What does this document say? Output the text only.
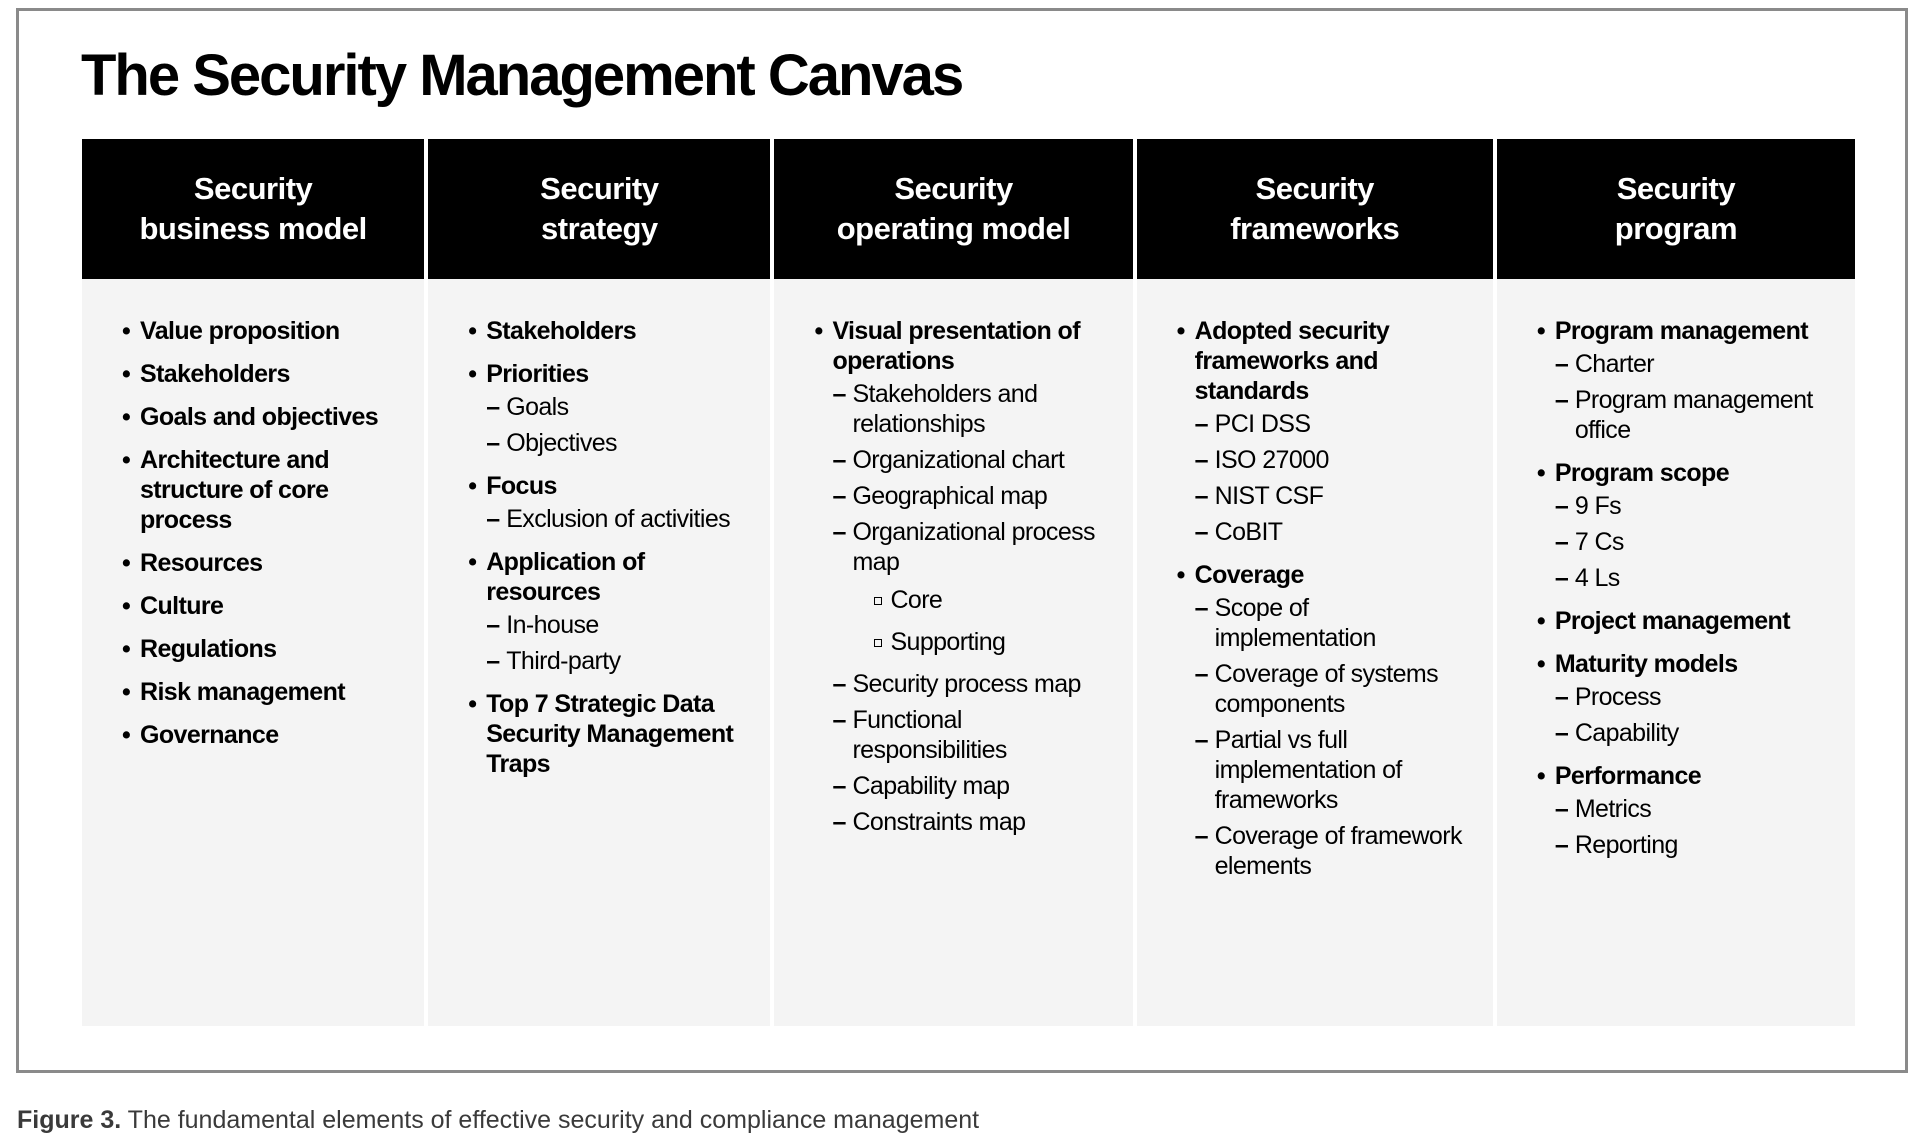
The Security Management Canvas
Security
business model
• Value proposition
• Stakeholders
• Goals and objectives
• Architecture and structure of core process
• Resources
• Culture
• Regulations
• Risk management
• Governance
Security
strategy
• Stakeholders
• Priorities
– Goals
– Objectives
• Focus
– Exclusion of activities
• Application of resources
– In-house
– Third-party
• Top 7 Strategic Data Security Management Traps
Security
operating model
• Visual presentation of operations
– Stakeholders and relationships
– Organizational chart
– Geographical map
– Organizational process map
Core
Supporting
– Security process map
– Functional responsibilities
– Capability map
– Constraints map
Security
frameworks
• Adopted security frameworks and standards
– PCI DSS
– ISO 27000
– NIST CSF
– CoBIT
• Coverage
– Scope of implementation
– Coverage of systems components
– Partial vs full implementation of frameworks
– Coverage of framework elements
Security
program
• Program management
– Charter
– Program management office
• Program scope
– 9 Fs
– 7 Cs
– 4 Ls
• Project management
• Maturity models
– Process
– Capability
• Performance
– Metrics
– Reporting
Figure 3. The fundamental elements of effective security and compliance management
